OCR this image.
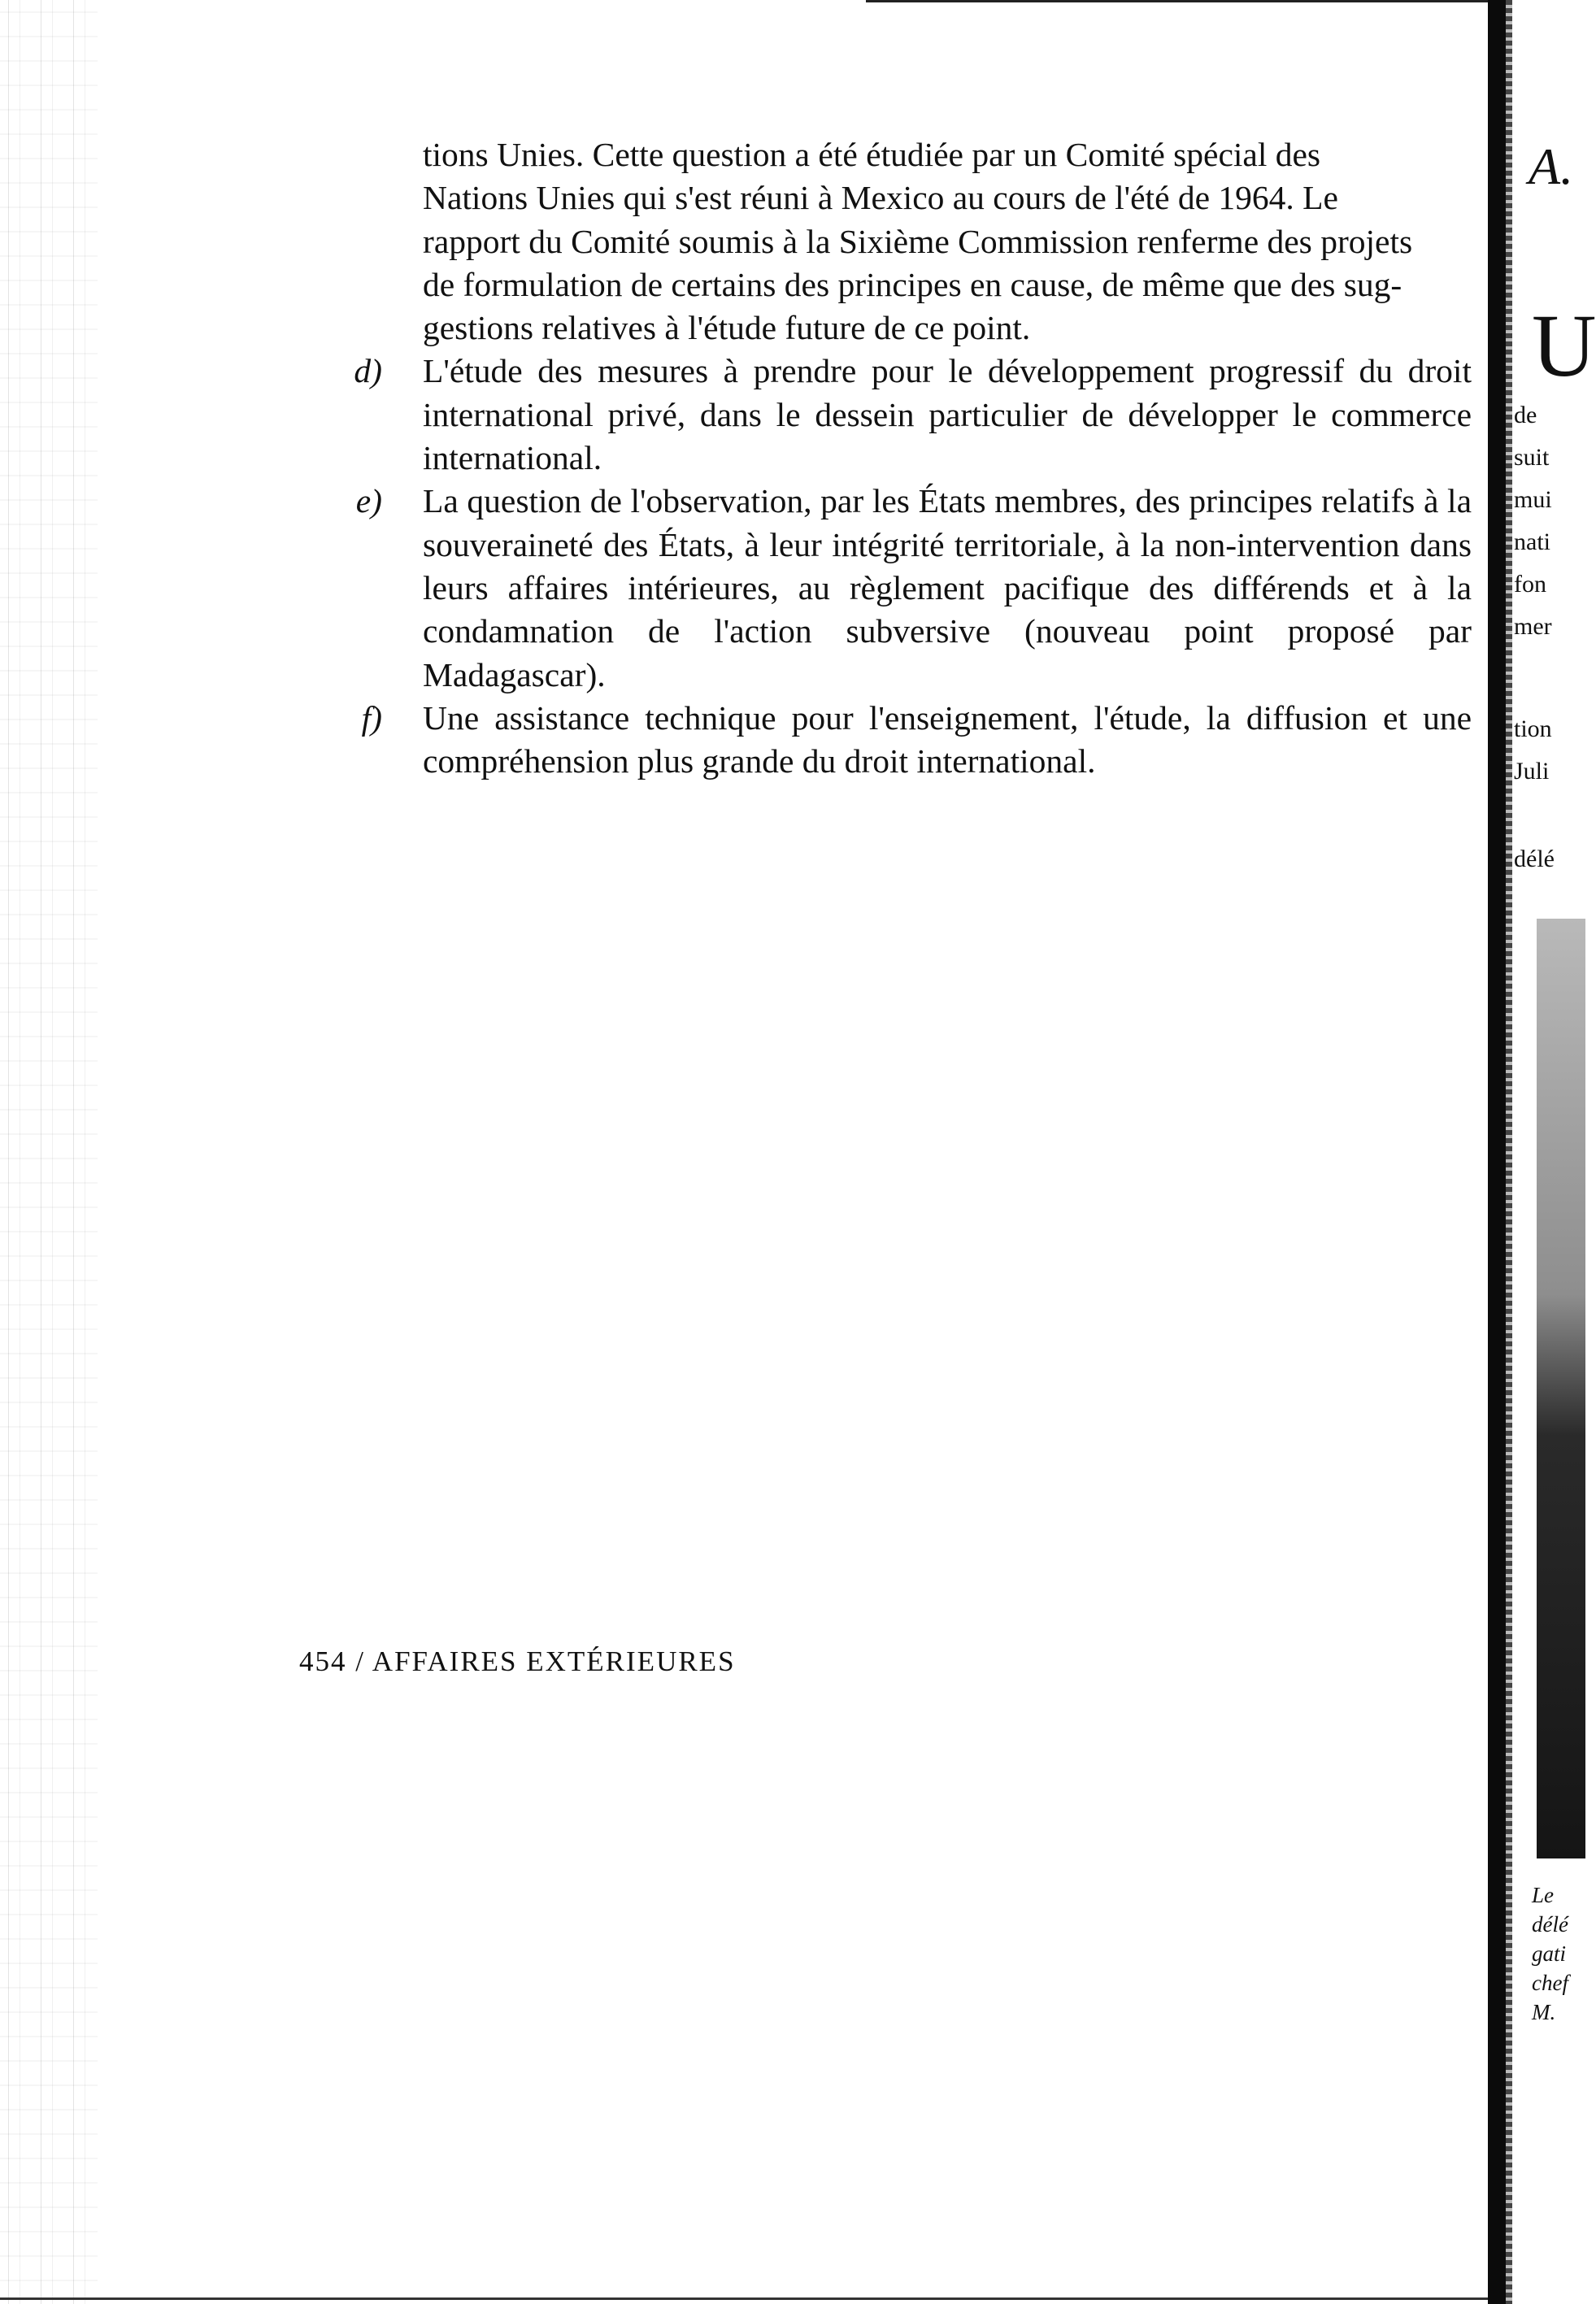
tions Unies. Cette question a été étudiée par un Comité spécial des
Nations Unies qui s'est réuni à Mexico au cours de l'été de 1964. Le
rapport du Comité soumis à la Sixième Commission renferme des projets
de formulation de certains des principes en cause, de même que des sug-
gestions relatives à l'étude future de ce point.

d) L'étude des mesures à prendre pour le développement progressif du droit international privé, dans le dessein particulier de développer le commerce international.
e) La question de l'observation, par les États membres, des principes relatifs à la souveraineté des États, à leur intégrité territoriale, à la non-intervention dans leurs affaires intérieures, au règlement pacifique des différends et à la condamnation de l'action subversive (nouveau point proposé par Madagascar).
f) Une assistance technique pour l'enseignement, l'étude, la diffusion et une compréhension plus grande du droit international.
454 / AFFAIRES EXTÉRIEURES
A.
U
de
suit
mui
nati
fon
mer
tion
Juli
délé
Le
délé
gati
chef
M.
